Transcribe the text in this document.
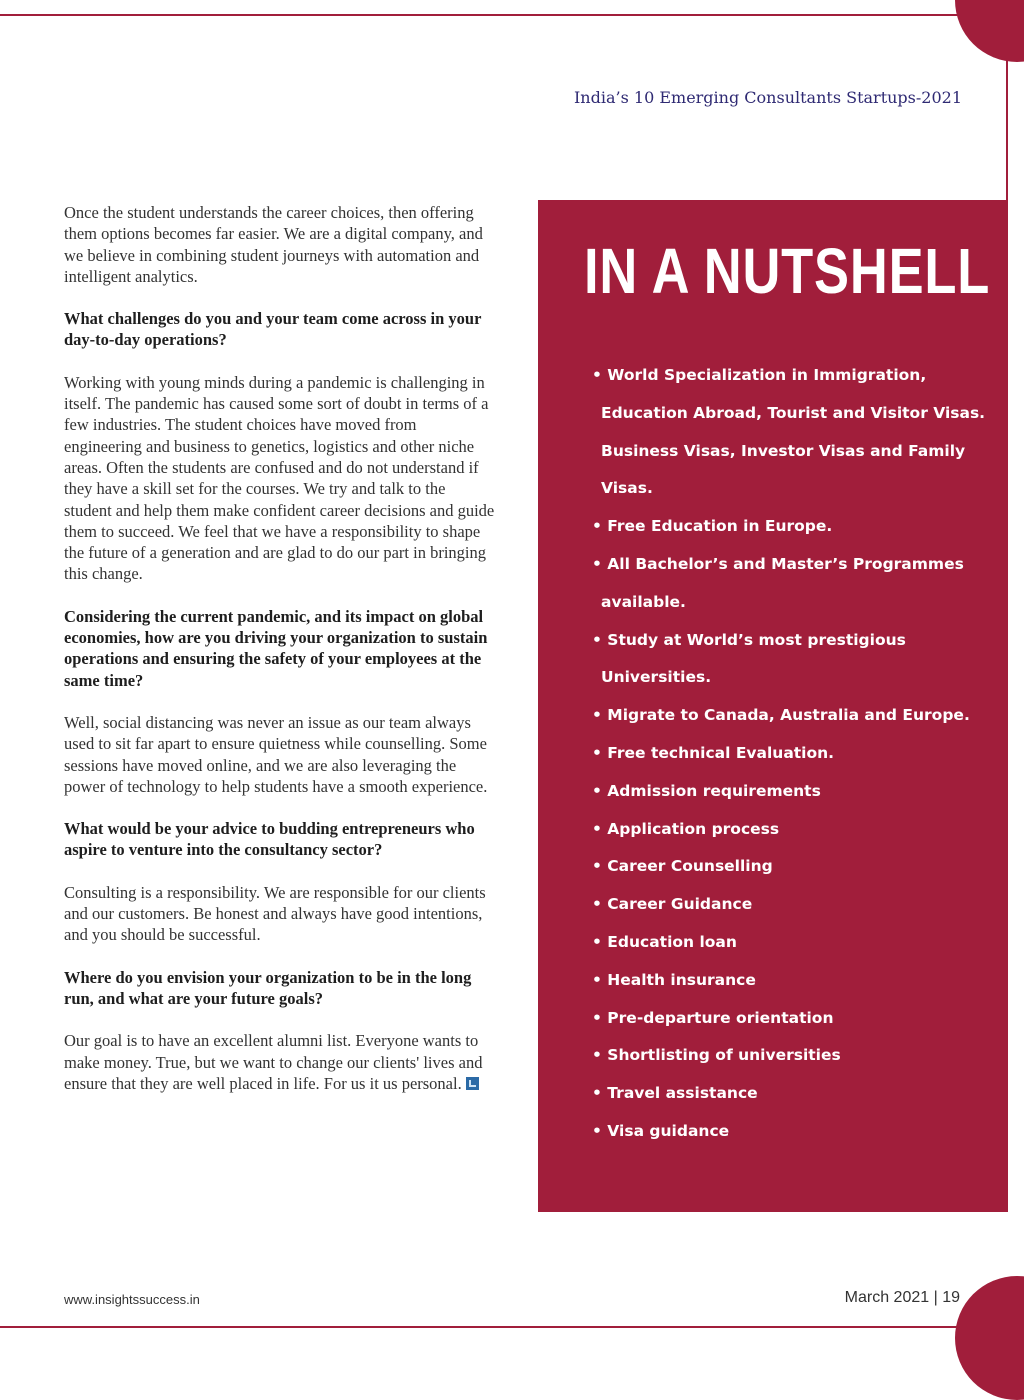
India’s 10 Emerging Consultants Startups-2021

Once the student understands the career choices, then offering them options becomes far easier. We are a digital company, and we believe in combining student journeys with automation and intelligent analytics.

What challenges do you and your team come across in your day-to-day operations?

Working with young minds during a pandemic is challenging in itself. The pandemic has caused some sort of doubt in terms of a few industries. The student choices have moved from engineering and business to genetics, logistics and other niche areas. Often the students are confused and do not understand if they have a skill set for the courses. We try and talk to the student and help them make confident career decisions and guide them to succeed. We feel that we have a responsibility to shape the future of a generation and are glad to do our part in bringing this change.

Considering the current pandemic, and its impact on global economies, how are you driving your organization to sustain operations and ensuring the safety of your employees at the same time?

Well, social distancing was never an issue as our team always used to sit far apart to ensure quietness while counselling. Some sessions have moved online, and we are also leveraging the power of technology to help students have a smooth experience.

What would be your advice to budding entrepreneurs who aspire to venture into the consultancy sector?

Consulting is a responsibility. We are responsible for our clients and our customers. Be honest and always have good intentions, and you should be successful.

Where do you envision your organization to be in the long run, and what are your future goals?

Our goal is to have an excellent alumni list. Everyone wants to make money. True, but we want to change our clients' lives and ensure that they are well placed in life. For us it us personal.

IN A NUTSHELL
• World Specialization in Immigration,
Education Abroad, Tourist and Visitor Visas.
Business Visas, Investor Visas and Family
Visas.
• Free Education in Europe.
• All Bachelor’s and Master’s Programmes
available.
• Study at World’s most prestigious
Universities.
• Migrate to Canada, Australia and Europe.
• Free technical Evaluation.
• Admission requirements
• Application process
• Career Counselling
• Career Guidance
• Education loan
• Health insurance
• Pre-departure orientation
• Shortlisting of universities
• Travel assistance
• Visa guidance
www.insightssuccess.in	March 2021 | 19
